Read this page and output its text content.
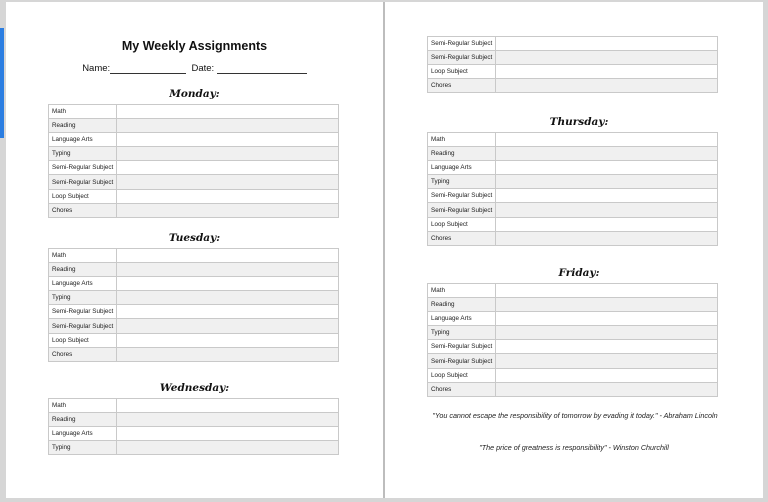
My Weekly Assignments
Name:	Date:
Monday:
Math	
Reading	
Language Arts	
Typing	
Semi-Regular Subject	
Semi-Regular Subject	
Loop Subject	
Chores	
Tuesday:
Math	
Reading	
Language Arts	
Typing	
Semi-Regular Subject	
Semi-Regular Subject	
Loop Subject	
Chores	
Wednesday:
Math	
Reading	
Language Arts	
Typing	
Semi-Regular Subject	
Semi-Regular Subject	
Loop Subject	
Chores	
Thursday:
Math	
Reading	
Language Arts	
Typing	
Semi-Regular Subject	
Semi-Regular Subject	
Loop Subject	
Chores	
Friday:
Math	
Reading	
Language Arts	
Typing	
Semi-Regular Subject	
Semi-Regular Subject	
Loop Subject	
Chores	
"You cannot escape the responsibility of tomorrow by evading it today." - Abraham Lincoln
"The price of greatness is responsibility" - Winston Churchill
